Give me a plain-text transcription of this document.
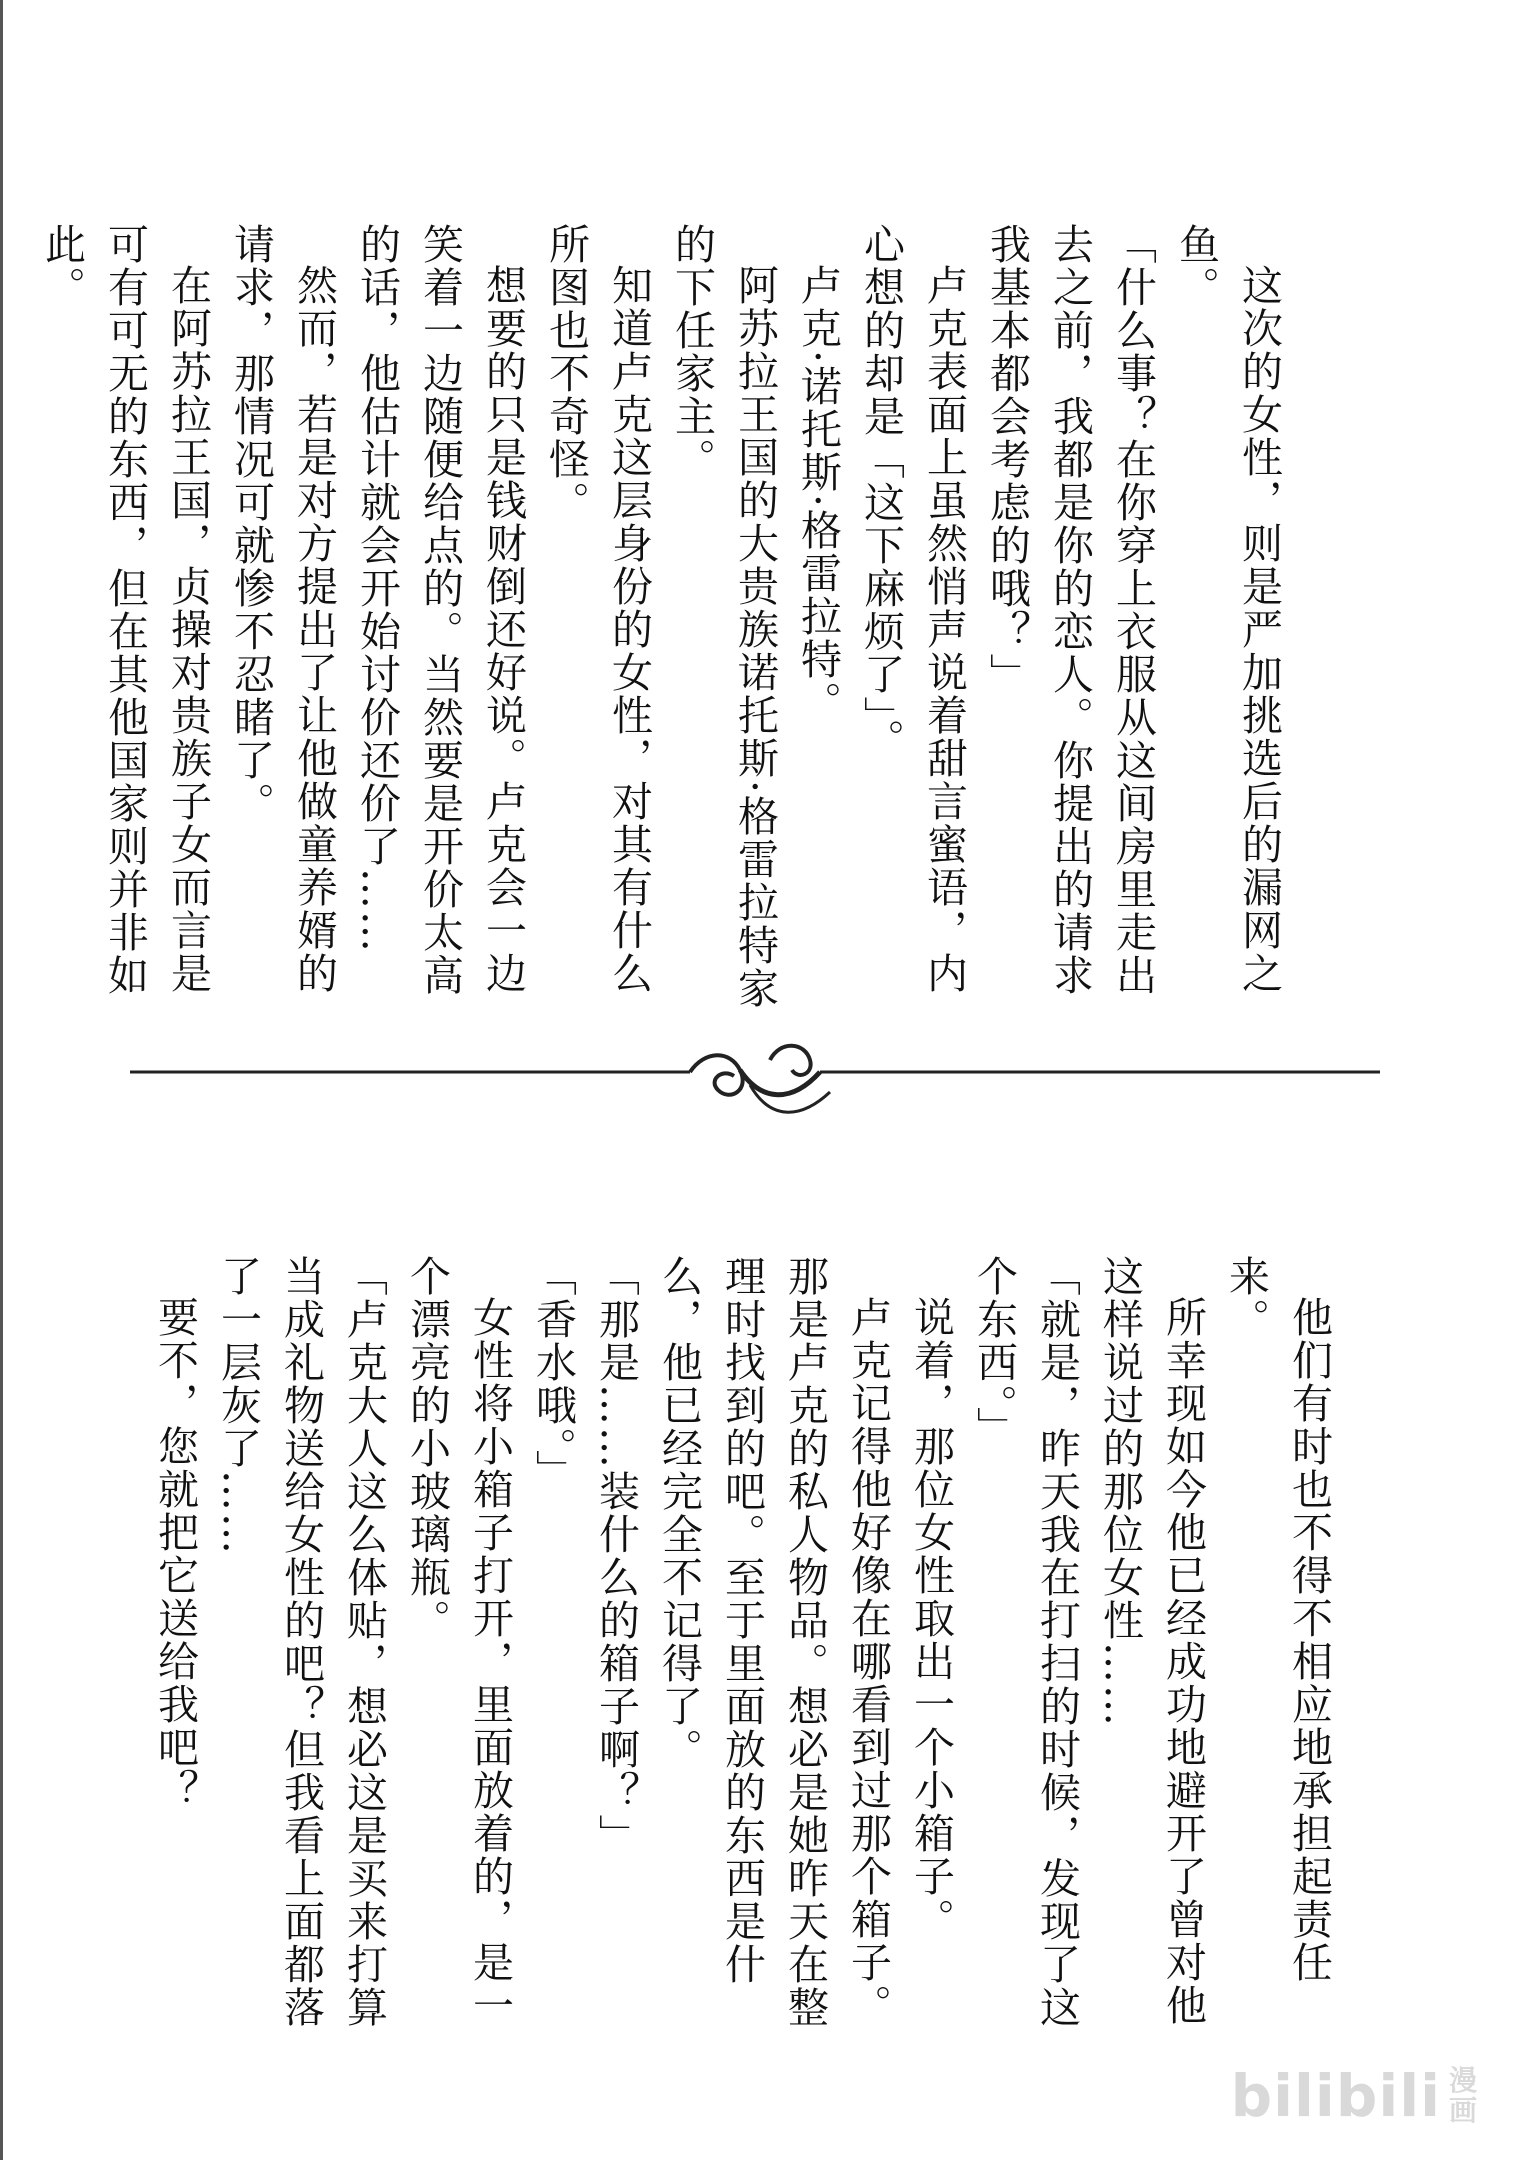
这次的女性，则是严加挑选后的漏网之鱼。
「什么事？在你穿上衣服从这间房里走出去之前，我都是你的恋人。你提出的请求我基本都会考虑的哦？」
卢克表面上虽然悄声说着甜言蜜语，内心想的却是「这下麻烦了」。
卢克·诺托斯·格雷拉特。
阿苏拉王国的大贵族诺托斯·格雷拉特家的下任家主。
知道卢克这层身份的女性，对其有什么所图也不奇怪。
想要的只是钱财倒还好说。卢克会一边笑着一边随便给点的。当然要是开价太高的话，他估计就会开始讨价还价了……
然而，若是对方提出了让他做童养婿的请求，那情况可就惨不忍睹了。
在阿苏拉王国，贞操对贵族子女而言是可有可无的东西，但在其他国家则并非如此。
他们有时也不得不相应地承担起责任来。
所幸现如今他已经成功地避开了曾对他这样说过的那位女性……
「就是，昨天我在打扫的时候，发现了这个东西。」
说着，那位女性取出一个小箱子。
卢克记得他好像在哪看到过那个箱子。那是卢克的私人物品。想必是她昨天在整理时找到的吧。至于里面放的东西是什么，他已经完全不记得了。
「那是……装什么的箱子啊？」
「香水哦。」
女性将小箱子打开，里面放着的，是一个漂亮的小玻璃瓶。
「卢克大人这么体贴，想必这是买来打算当成礼物送给女性的吧？但我看上面都落了一层灰了……
要不，您就把它送给我吧？
bilibili 漫
画
